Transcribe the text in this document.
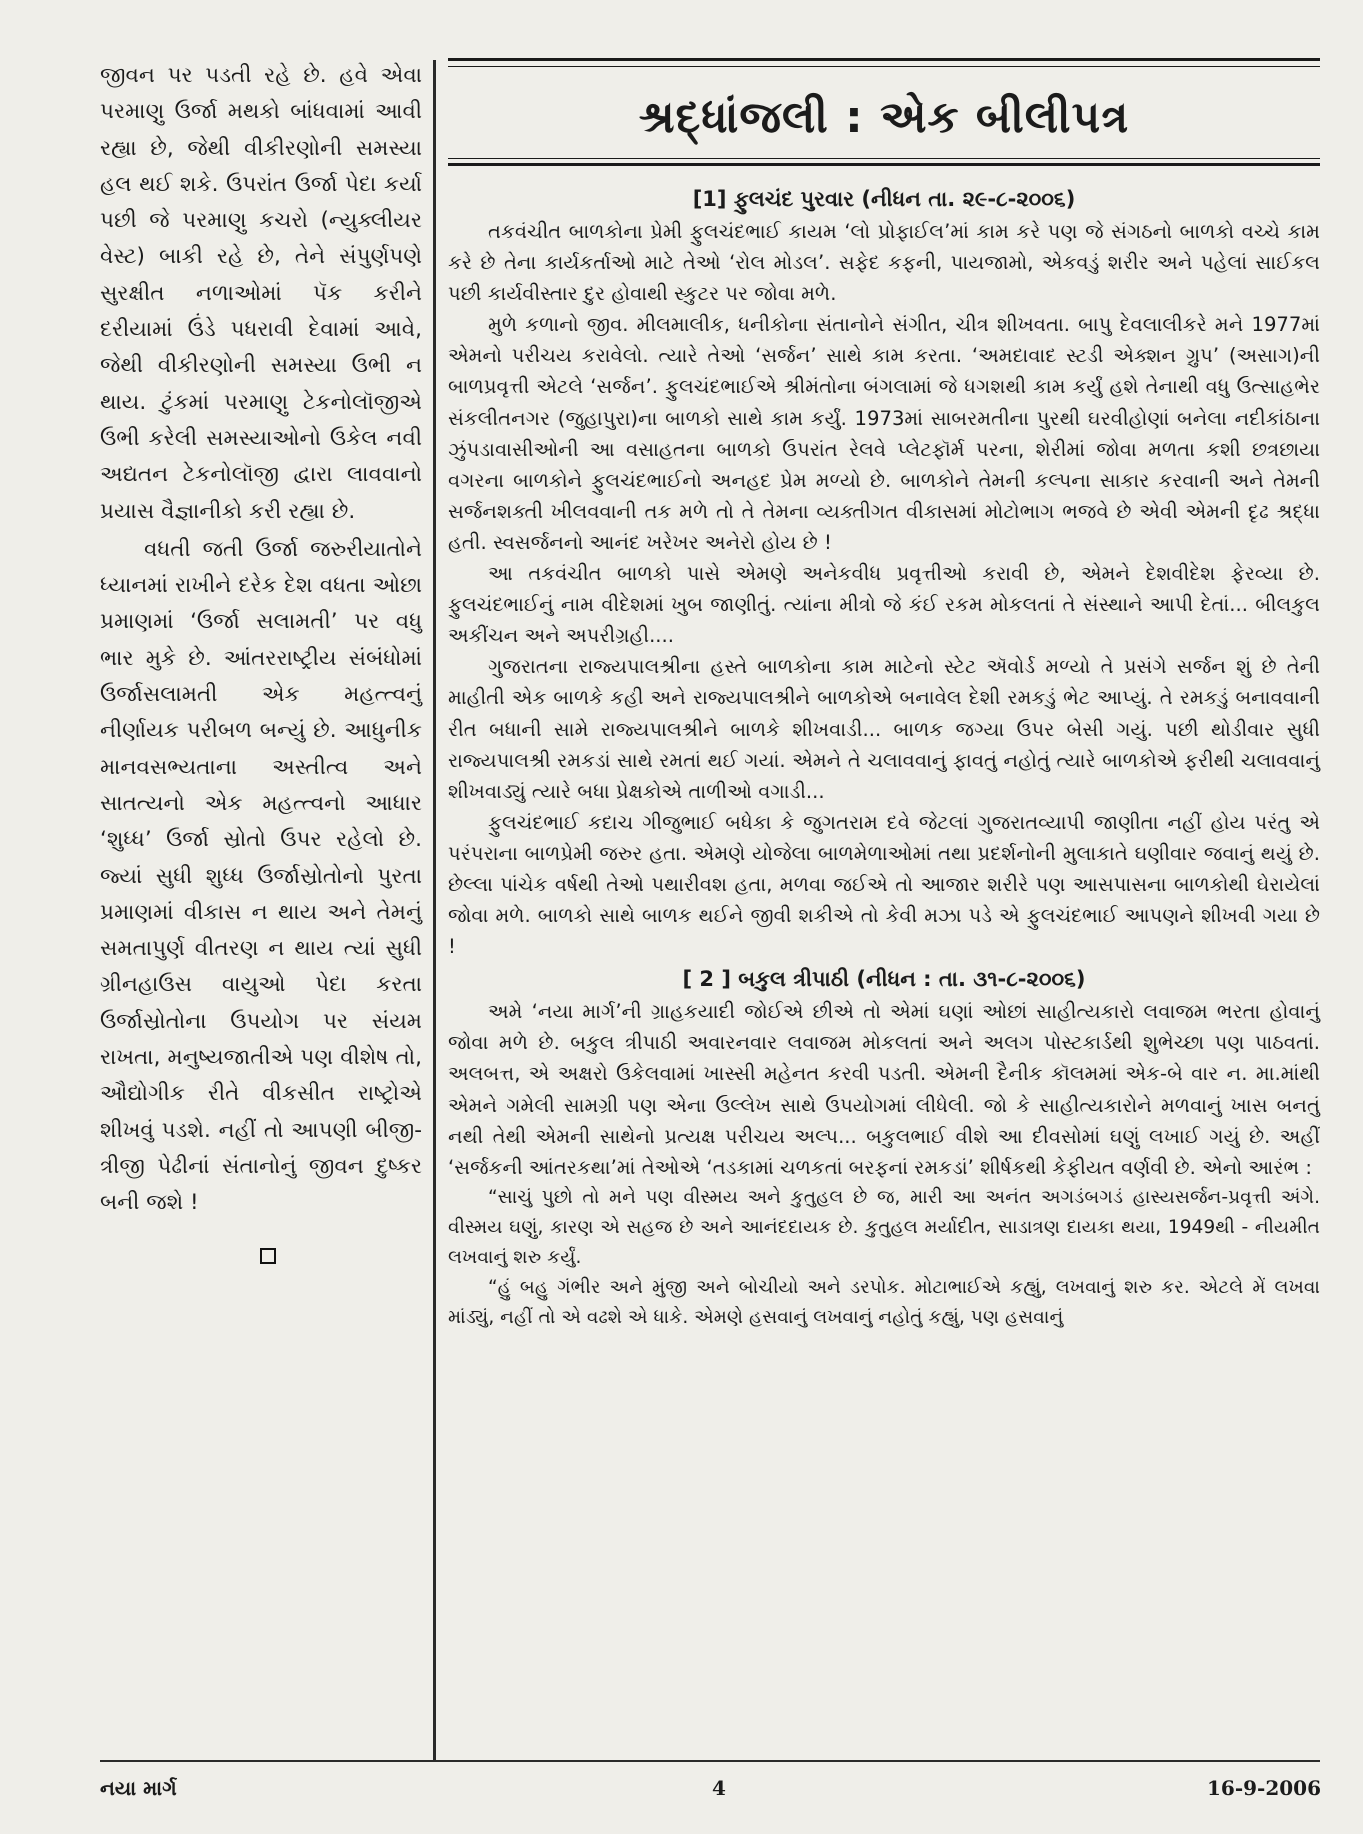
જીવન પર પડતી રહે છે. હવે એવા પરમાણુ ઉર્જા મથકો બાંધવામાં આવી રહ્યા છે, જેથી વીકીરણોની સમસ્યા હલ થઈ શકે. ઉપરાંત ઉર્જા પેદા કર્યા પછી જે પરમાણુ કચરો (ન્યુક્લીયર વેસ્ટ) બાકી રહે છે, તેને સંપુર્ણપણે સુરક્ષીત નળાઓમાં પૅક કરીને દરીયામાં ઉંડે પધરાવી દેવામાં આવે, જેથી વીકીરણોની સમસ્યા ઉભી ન થાય. ટુંકમાં પરમાણુ ટેકનોલૉજીએ ઉભી કરેલી સમસ્યાઓનો ઉકેલ નવી અદ્યતન ટેકનોલૉજી દ્વારા લાવવાનો પ્રયાસ વૈજ્ઞાનીકો કરી રહ્યા છે.

વધતી જતી ઉર્જા જરુરીયાતોને ધ્યાનમાં રાખીને દરેક દેશ વધતા ઓછા પ્રમાણમાં ‘ઉર્જા સલામતી’ પર વધુ ભાર મુકે છે. આંતરરાષ્ટ્રીય સંબંધોમાં ઉર્જાસલામતી એક મહત્ત્વનું નીર્ણાયક પરીબળ બન્યું છે. આધુનીક માનવસભ્યતાના અસ્તીત્વ અને સાતત્યનો એક મહત્ત્વનો આધાર ‘શુધ્ધ’ ઉર્જા સ્રોતો ઉપર રહેલો છે. જ્યાં સુધી શુધ્ધ ઉર્જાસ્રોતોનો પુરતા પ્રમાણમાં વીકાસ ન થાય અને તેમનું સમતાપુર્ણ વીતરણ ન થાય ત્યાં સુધી ગ્રીનહાઉસ વાયુઓ પેદા કરતા ઉર્જાસ્રોતોના ઉપયોગ પર સંયમ રાખતા, મનુષ્યજાતીએ પણ વીશેષ તો, ઔદ્યોગીક રીતે વીકસીત રાષ્ટ્રોએ શીખવું પડશે. નહીં તો આપણી બીજી-ત્રીજી પેઢીનાં સંતાનોનું જીવન દુષ્કર બની જશે !

શ્રદ્ધાંજલી : એક બીલીપત્ર
[1] ફુલચંદ પુરવાર (નીધન તા. ૨૯-૮-૨૦૦૬)

તકવંચીત બાળકોના પ્રેમી ફુલચંદભાઈ કાયમ ‘લો પ્રોફાઈલ’માં કામ કરે પણ જે સંગઠનો બાળકો વચ્ચે કામ કરે છે તેના કાર્યકર્તાઓ માટે તેઓ ‘રોલ મોડલ’. સફેદ કફની, પાયજામો, એકવડું શરીર અને પહેલાં સાઈકલ પછી કાર્યવીસ્તાર દુર હોવાથી સ્કુટર પર જોવા મળે.

મુળે કળાનો જીવ. મીલમાલીક, ધનીકોના સંતાનોને સંગીત, ચીત્ર શીખવતા. બાપુ દેવલાલીકરે મને 1977માં એમનો પરીચય કરાવેલો. ત્યારે તેઓ ‘સર્જન’ સાથે કામ કરતા. ‘અમદાવાદ સ્ટડી એક્શન ગ્રુપ’ (અસાગ)ની બાળપ્રવૃત્તી એટલે ‘સર્જન’. ફુલચંદભાઈએ શ્રીમંતોના બંગલામાં જે ધગશથી કામ કર્યું હશે તેનાથી વધુ ઉત્સાહભેર સંકલીતનગર (જુહાપુરા)ના બાળકો સાથે કામ કર્યું. 1973માં સાબરમતીના પુરથી ઘરવીહોણાં બનેલા નદીકાંઠાના ઝુંપડાવાસીઓની આ વસાહતના બાળકો ઉપરાંત રેલવે પ્લેટફૉર્મ પરના, શેરીમાં જોવા મળતા કશી છત્રછાયા વગરના બાળકોને ફુલચંદભાઈનો અનહદ પ્રેમ મળ્યો છે. બાળકોને તેમની કલ્પના સાકાર કરવાની અને તેમની સર્જનશક્તી ખીલવવાની તક મળે તો તે તેમના વ્યક્તીગત વીકાસમાં મોટોભાગ ભજવે છે એવી એમની દૃઢ શ્રદ્ધા હતી. સ્વસર્જનનો આનંદ ખરેખર અનેરો હોય છે !

આ તકવંચીત બાળકો પાસે એમણે અનેકવીધ પ્રવૃત્તીઓ કરાવી છે, એમને દેશવીદેશ ફેરવ્યા છે. ફુલચંદભાઈનું નામ વીદેશમાં ખુબ જાણીતું. ત્યાંના મીત્રો જે કંઈ રકમ મોકલતાં તે સંસ્થાને આપી દેતાં... બીલકુલ અકીંચન અને અપરીગ્રહી....

ગુજરાતના રાજ્યપાલશ્રીના હસ્તે બાળકોના કામ માટેનો સ્ટેટ ઍવોર્ડ મળ્યો તે પ્રસંગે સર્જન શું છે તેની માહીતી એક બાળકે કહી અને રાજ્યપાલશ્રીને બાળકોએ બનાવેલ દેશી રમકડું ભેટ આપ્યું. તે રમકડું બનાવવાની રીત બધાની સામે રાજ્યપાલશ્રીને બાળકે શીખવાડી... બાળક જગ્યા ઉપર બેસી ગયું. પછી થોડીવાર સુધી રાજ્યપાલશ્રી રમકડાં સાથે રમતાં થઈ ગયાં. એમને તે ચલાવવાનું ફાવતું નહોતું ત્યારે બાળકોએ ફરીથી ચલાવવાનું શીખવાડ્યું ત્યારે બધા પ્રેક્ષકોએ તાળીઓ વગાડી...

ફુલચંદભાઈ કદાચ ગીજુભાઈ બધેકા કે જુગતરામ દવે જેટલાં ગુજરાતવ્યાપી જાણીતા નહીં હોય પરંતુ એ પરંપરાના બાળપ્રેમી જરુર હતા. એમણે યોજેલા બાળમેળાઓમાં તથા પ્રદર્શનોની મુલાકાતે ઘણીવાર જવાનું થયું છે. છેલ્લા પાંચેક વર્ષથી તેઓ પથારીવશ હતા, મળવા જઈએ તો આજાર શરીરે પણ આસપાસના બાળકોથી ઘેરાયેલાં જોવા મળે. બાળકો સાથે બાળક થઈને જીવી શકીએ તો કેવી મઝા પડે એ ફુલચંદભાઈ આપણને શીખવી ગયા છે !

[ 2 ] બકુલ ત્રીપાઠી (નીધન : તા. ૩૧-૮-૨૦૦૬)

અમે ‘નયા માર્ગ’ની ગ્રાહકયાદી જોઈએ છીએ તો એમાં ઘણાં ઓછાં સાહીત્યકારો લવાજમ ભરતા હોવાનું જોવા મળે છે. બકુલ ત્રીપાઠી અવારનવાર લવાજમ મોકલતાં અને અલગ પોસ્ટકાર્ડથી શુભેચ્છા પણ પાઠવતાં. અલબત્ત, એ અક્ષરો ઉકેલવામાં ખાસ્સી મહેનત કરવી પડતી. એમની દૈનીક કૉલમમાં એક-બે વાર ન. મા.માંથી એમને ગમેલી સામગ્રી પણ એના ઉલ્લેખ સાથે ઉપયોગમાં લીધેલી. જો કે સાહીત્યકારોને મળવાનું ખાસ બનતું નથી તેથી એમની સાથેનો પ્રત્યક્ષ પરીચય અલ્પ... બકુલભાઈ વીશે આ દીવસોમાં ઘણું લખાઈ ગયું છે. અહીં ‘સર્જકની આંતરકથા’માં તેઓએ ‘તડકામાં ચળકતાં બરફનાં રમકડાં’ શીર્ષકથી કેફીયત વર્ણવી છે. એનો આરંભ :

“સાચું પુછો તો મને પણ વીસ્મય અને કુતુહલ છે જ, મારી આ અનંત અગડંબગડં હાસ્યસર્જન-પ્રવૃત્તી અંગે. વીસ્મય ઘણું, કારણ એ સહજ છે અને આનંદદાયક છે. કુતુહલ મર્યાદીત, સાડાત્રણ દાયકા થયા, 1949થી - નીયમીત લખવાનું શરુ કર્યું.

“હું બહુ ગંભીર અને મુંજી અને બોચીયો અને ડરપોક. મોટાભાઈએ કહ્યું, લખવાનું શરુ કર. એટલે મેં લખવા માંડ્યું, નહીં તો એ વઢશે એ ધાકે. એમણે હસવાનું લખવાનું નહોતું કહ્યું, પણ હસવાનું

નયા માર્ગ	4	16-9-2006
